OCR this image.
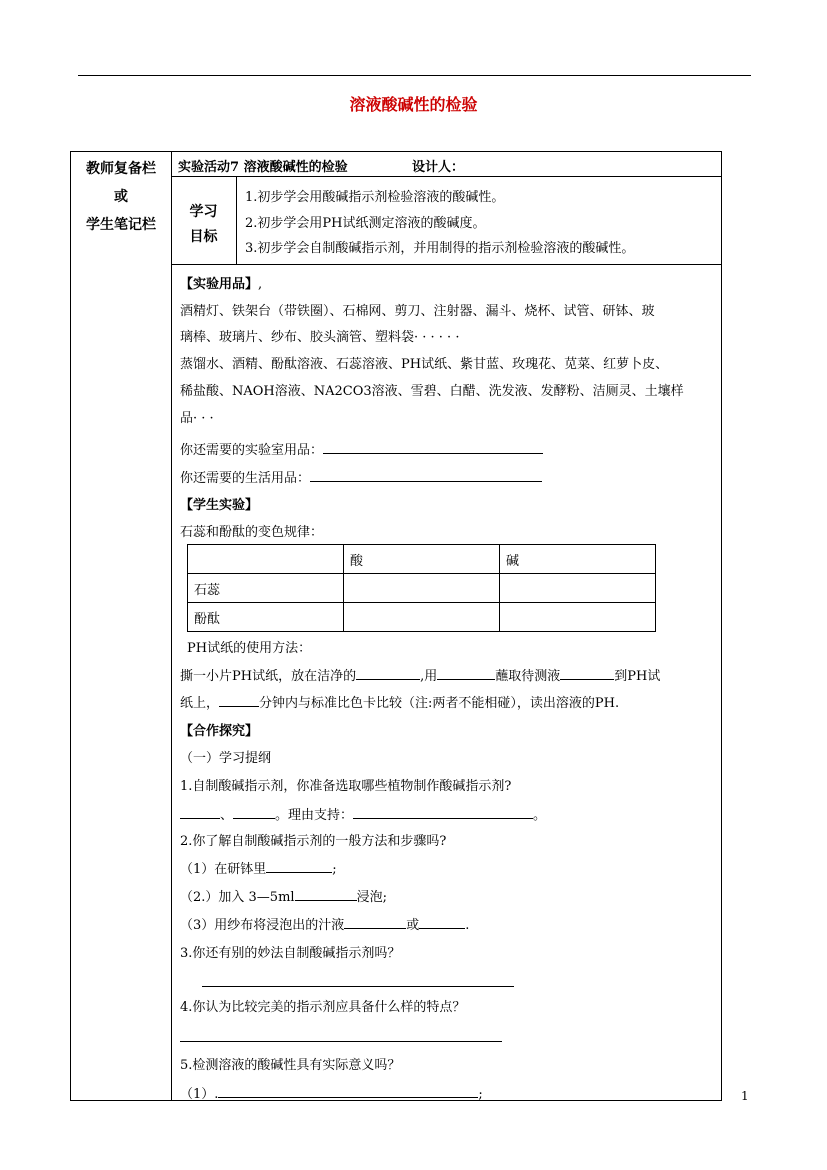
溶液酸碱性的检验
教师复备栏
或
学生笔记栏
实验活动7 溶液酸碱性的检验	设计人：
学习
目标
1.初步学会用酸碱指示剂检验溶液的酸碱性。
2.初步学会用PH试纸测定溶液的酸碱度。
3.初步学会自制酸碱指示剂，并用制得的指示剂检验溶液的酸碱性。
【实验用品】,
酒精灯、铁架台（带铁圈）、石棉网、剪刀、注射器、漏斗、烧杯、试管、研钵、玻
璃棒、玻璃片、纱布、胶头滴管、塑料袋· · · · · ·
蒸馏水、酒精、酚酞溶液、石蕊溶液、PH试纸、紫甘蓝、玫瑰花、苋菜、红萝卜皮、
稀盐酸、NAOH溶液、NA2CO3溶液、雪碧、白醋、洗发液、发酵粉、洁厕灵、土壤样
品· · ·
你还需要的实验室用品：
你还需要的生活用品：
【学生实验】
石蕊和酚酞的变色规律：
	酸	碱
石蕊		
酚酞		
PH试纸的使用方法：
撕一小片PH试纸，放在洁净的	,用	蘸取待测液	到PH试
纸上，	分钟内与标准比色卡比较（注:两者不能相碰），读出溶液的PH.
【合作探究】
（一）学习提纲
1.自制酸碱指示剂，你准备选取哪些植物制作酸碱指示剂?
、	。理由支持：	。
2.你了解自制酸碱指示剂的一般方法和步骤吗?
（1）在研钵里	;
（2.）加入 3—5ml	浸泡;
（3）用纱布将浸泡出的汁液	或	.
3.你还有别的妙法自制酸碱指示剂吗？
4.你认为比较完美的指示剂应具备什么样的特点？
5.检测溶液的酸碱性具有实际意义吗？
（1）.	;	1
